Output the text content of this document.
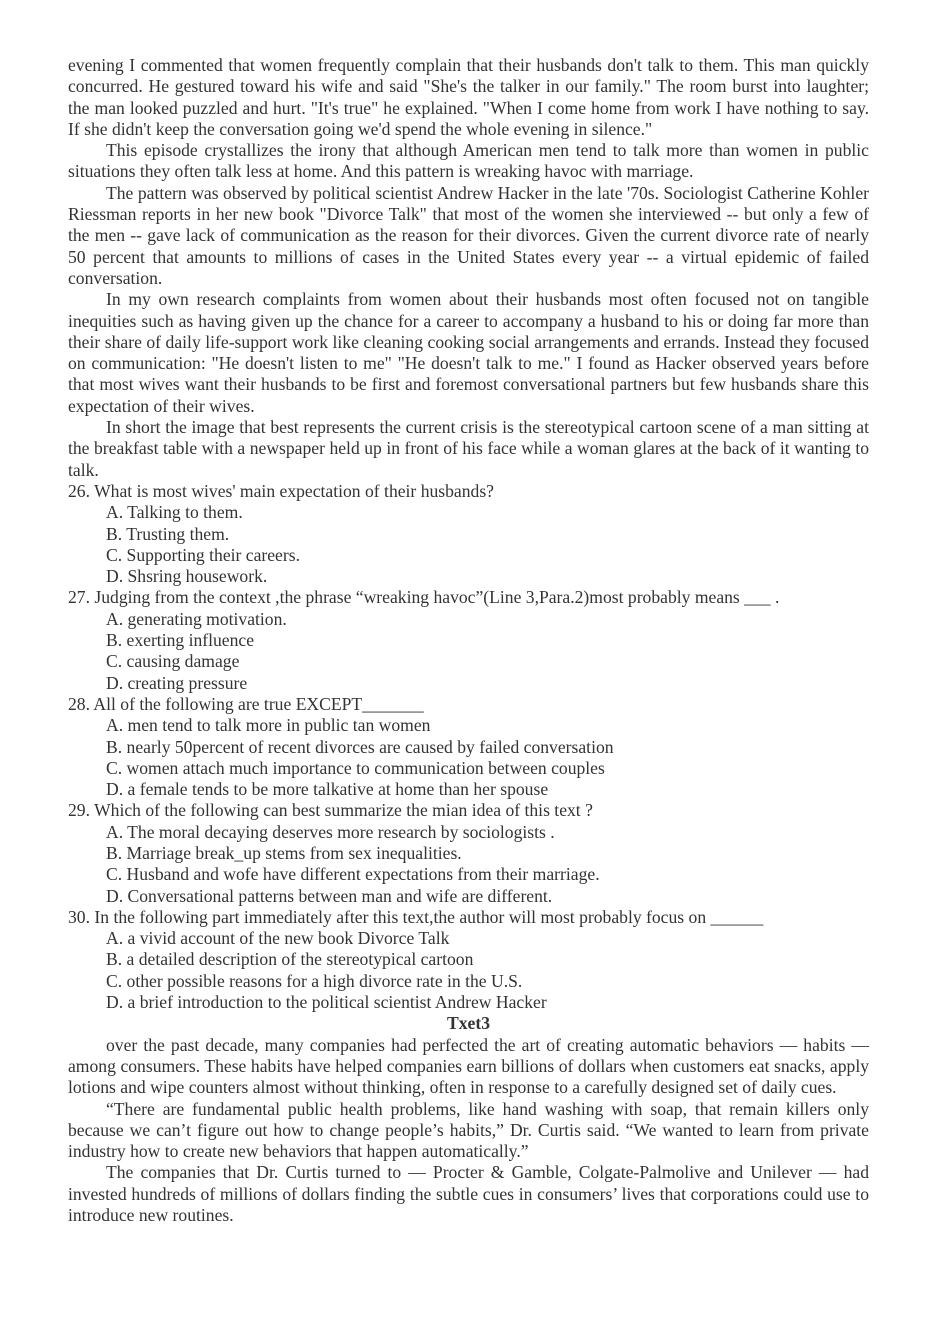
evening I commented that women frequently complain that their husbands don't talk to them. This man quickly concurred. He gestured toward his wife and said "She's the talker in our family." The room burst into laughter; the man looked puzzled and hurt. "It's true" he explained. "When I come home from work I have nothing to say. If she didn't keep the conversation going we'd spend the whole evening in silence."

This episode crystallizes the irony that although American men tend to talk more than women in public situations they often talk less at home. And this pattern is wreaking havoc with marriage.

The pattern was observed by political scientist Andrew Hacker in the late '70s. Sociologist Catherine Kohler Riessman reports in her new book "Divorce Talk" that most of the women she interviewed -- but only a few of the men -- gave lack of communication as the reason for their divorces. Given the current divorce rate of nearly 50 percent that amounts to millions of cases in the United States every year -- a virtual epidemic of failed conversation.

In my own research complaints from women about their husbands most often focused not on tangible inequities such as having given up the chance for a career to accompany a husband to his or doing far more than their share of daily life-support work like cleaning cooking social arrangements and errands. Instead they focused on communication: "He doesn't listen to me" "He doesn't talk to me." I found as Hacker observed years before that most wives want their husbands to be first and foremost conversational partners but few husbands share this expectation of their wives.

In short the image that best represents the current crisis is the stereotypical cartoon scene of a man sitting at the breakfast table with a newspaper held up in front of his face while a woman glares at the back of it wanting to talk.

26. What is most wives' main expectation of their husbands?

A. Talking to them.
B. Trusting them.
C. Supporting their careers.
D. Shsring housework.

27. Judging from the context ,the phrase “wreaking havoc”(Line 3,Para.2)most probably means ___ .

A. generating motivation.
B. exerting influence
C. causing damage
D. creating pressure

28. All of the following are true EXCEPT_______

A. men tend to talk more in public tan women
B. nearly 50percent of recent divorces are caused by failed conversation
C. women attach much importance to communication between couples
D. a female tends to be more talkative at home than her spouse

29. Which of the following can best summarize the mian idea of this text ?

A. The moral decaying deserves more research by sociologists .
B. Marriage break_up stems from sex inequalities.
C. Husband and wofe have different expectations from their marriage.
D. Conversational patterns between man and wife are different.

30. In the following part immediately after this text,the author will most probably focus on ______

A. a vivid account of the new book Divorce Talk
B. a detailed description of the stereotypical cartoon
C. other possible reasons for a high divorce rate in the U.S.
D. a brief introduction to the political scientist Andrew Hacker
Txet3

over the past decade, many companies had perfected the art of creating automatic behaviors — habits — among consumers. These habits have helped companies earn billions of dollars when customers eat snacks, apply lotions and wipe counters almost without thinking, often in response to a carefully designed set of daily cues.

“There are fundamental public health problems, like hand washing with soap, that remain killers only because we can’t figure out how to change people’s habits,” Dr. Curtis said. “We wanted to learn from private industry how to create new behaviors that happen automatically.”

The companies that Dr. Curtis turned to — Procter & Gamble, Colgate-Palmolive and Unilever — had invested hundreds of millions of dollars finding the subtle cues in consumers’ lives that corporations could use to introduce new routines.
